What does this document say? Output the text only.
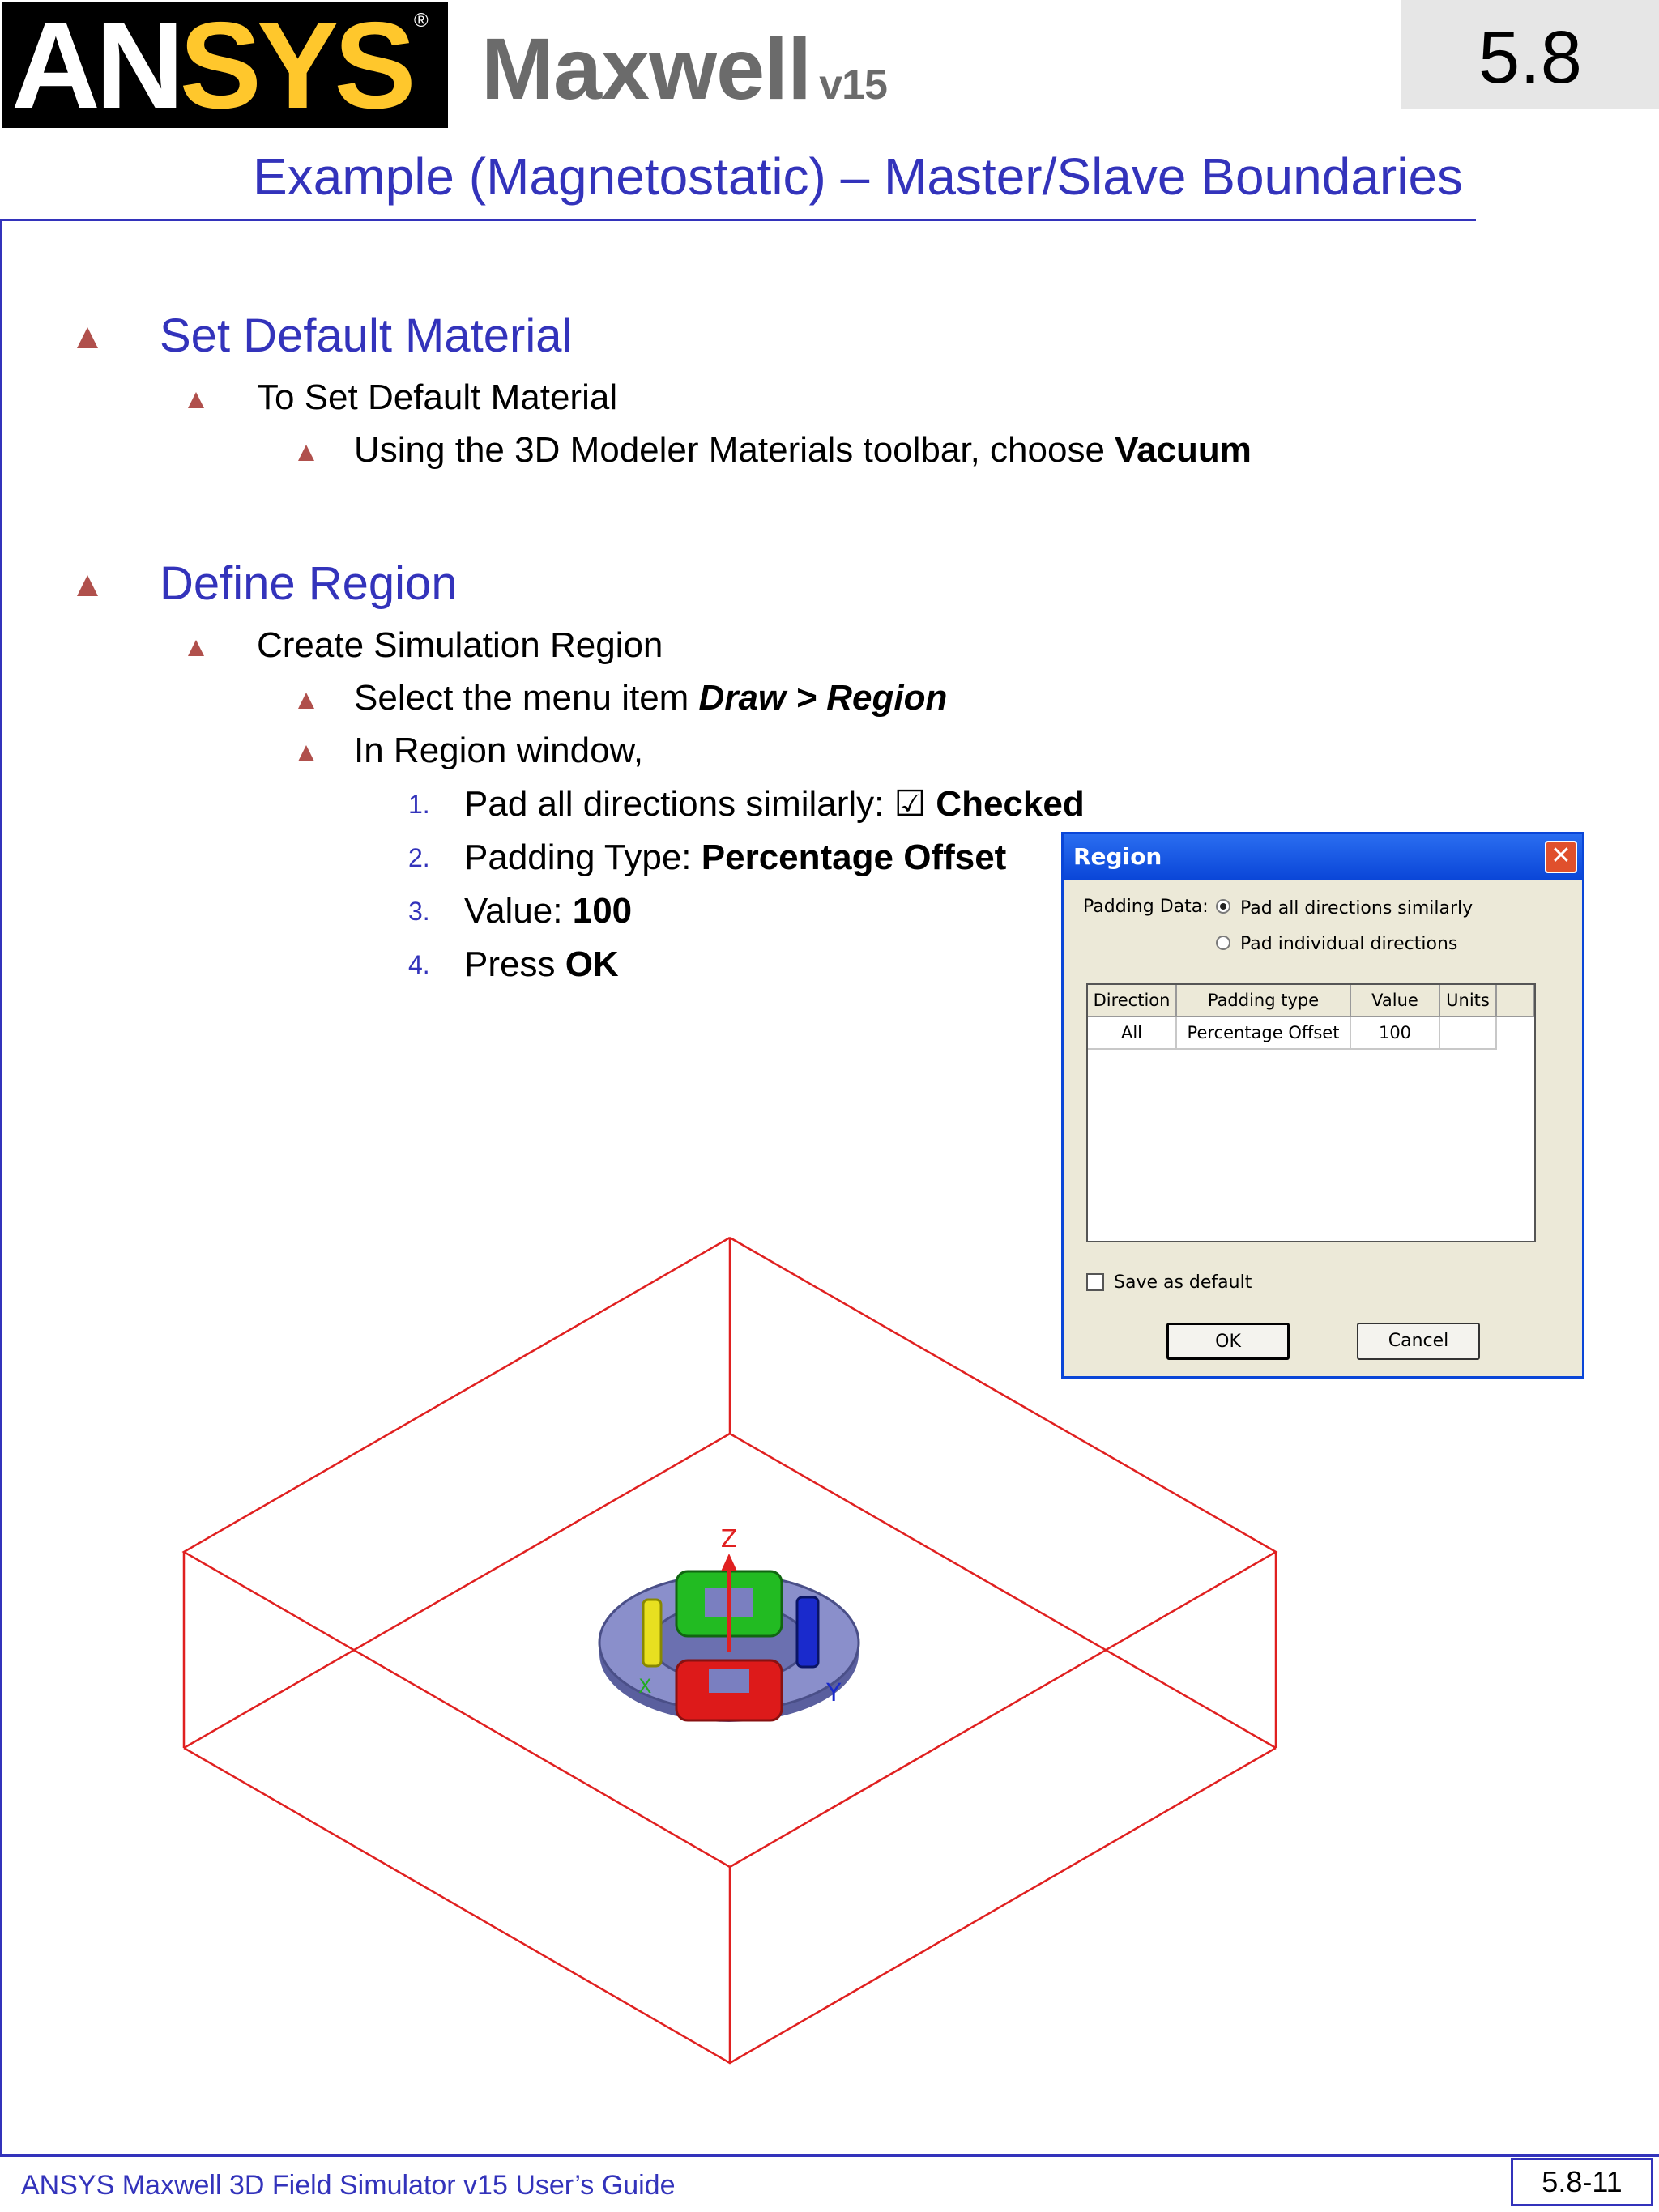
ANSYS ® Maxwell v15	5.8
Example (Magnetostatic) – Master/Slave Boundaries
Set Default Material
To Set Default Material
Using the 3D Modeler Materials toolbar, choose Vacuum
Define Region
Create Simulation Region
Select the menu item Draw > Region
In Region window,
1. Pad all directions similarly: ☑ Checked
2. Padding Type: Percentage Offset
3. Value: 100
4. Press OK
Z
Y
X
Region	✕
Padding Data: Pad all directions similarly
Pad individual directions
Direction	Padding type	Value	Units
All	Percentage Offset	100
Save as default
OK	Cancel
ANSYS Maxwell 3D Field Simulator v15 User’s Guide	5.8-11
